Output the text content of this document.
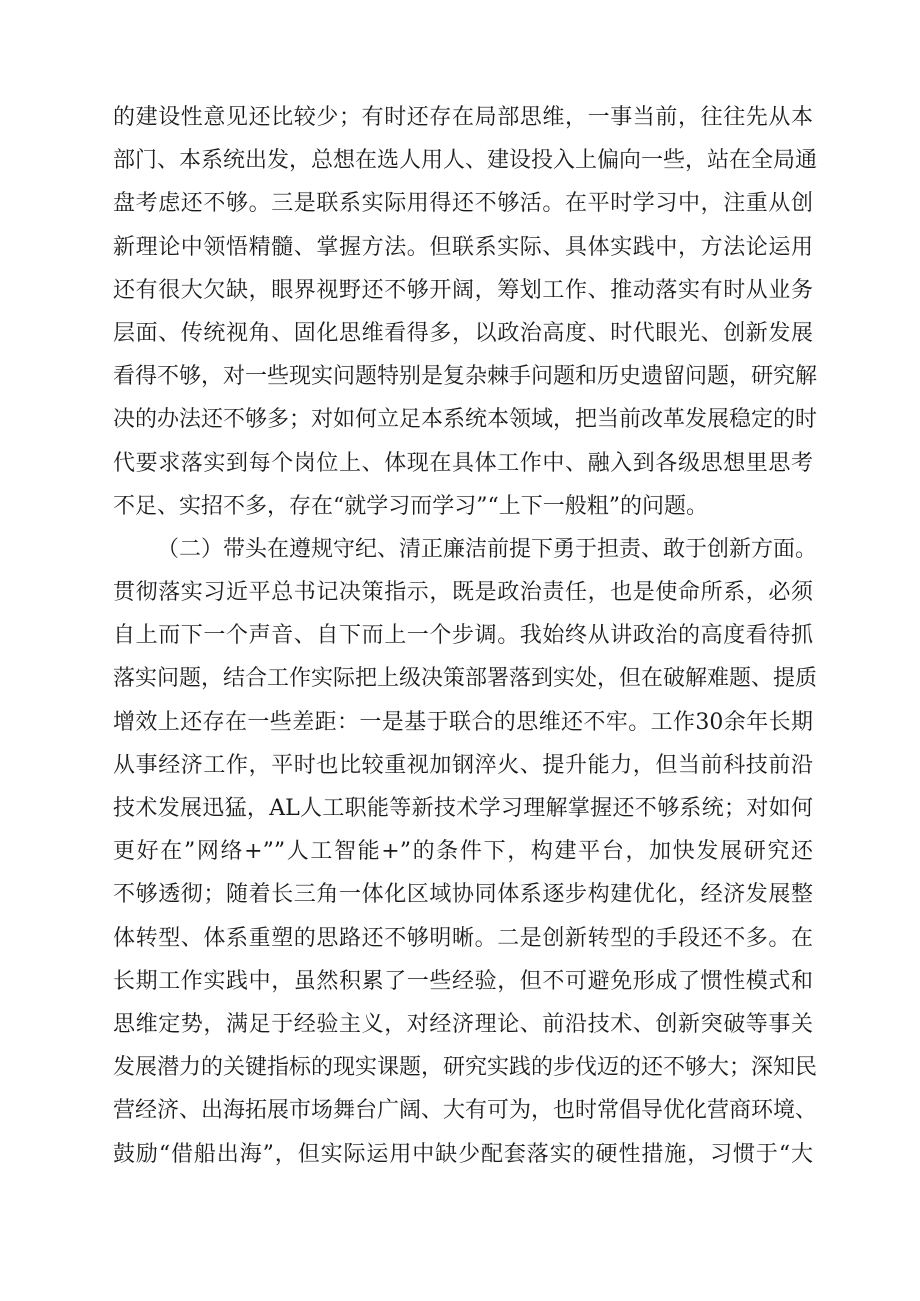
的建设性意见还比较少；有时还存在局部思维，一事当前，往往先从本
部门、本系统出发，总想在选人用人、建设投入上偏向一些，站在全局通
盘考虑还不够。三是联系实际用得还不够活。在平时学习中，注重从创
新理论中领悟精髓、掌握方法。但联系实际、具体实践中，方法论运用
还有很大欠缺，眼界视野还不够开阔，筹划工作、推动落实有时从业务
层面、传统视角、固化思维看得多，以政治高度、时代眼光、创新发展
看得不够，对一些现实问题特别是复杂棘手问题和历史遗留问题，研究解
决的办法还不够多；对如何立足本系统本领域，把当前改革发展稳定的时
代要求落实到每个岗位上、体现在具体工作中、融入到各级思想里思考
不足、实招不多，存在“就学习而学习”“上下一般粗”的问题。
（二）带头在遵规守纪、清正廉洁前提下勇于担责、敢于创新方面。
贯彻落实习近平总书记决策指示，既是政治责任，也是使命所系，必须
自上而下一个声音、自下而上一个步调。我始终从讲政治的高度看待抓
落实问题，结合工作实际把上级决策部署落到实处，但在破解难题、提质
增效上还存在一些差距：一是基于联合的思维还不牢。工作30余年长期
从事经济工作，平时也比较重视加钢淬火、提升能力，但当前科技前沿
技术发展迅猛，AL人工职能等新技术学习理解掌握还不够系统；对如何
更好在”网络+””人工智能+”的条件下，构建平台，加快发展研究还
不够透彻；随着长三角一体化区域协同体系逐步构建优化，经济发展整
体转型、体系重塑的思路还不够明晰。二是创新转型的手段还不多。在
长期工作实践中，虽然积累了一些经验，但不可避免形成了惯性模式和
思维定势，满足于经验主义，对经济理论、前沿技术、创新突破等事关
发展潜力的关键指标的现实课题，研究实践的步伐迈的还不够大；深知民
营经济、出海拓展市场舞台广阔、大有可为，也时常倡导优化营商环境、
鼓励“借船出海”，但实际运用中缺少配套落实的硬性措施，习惯于“大
